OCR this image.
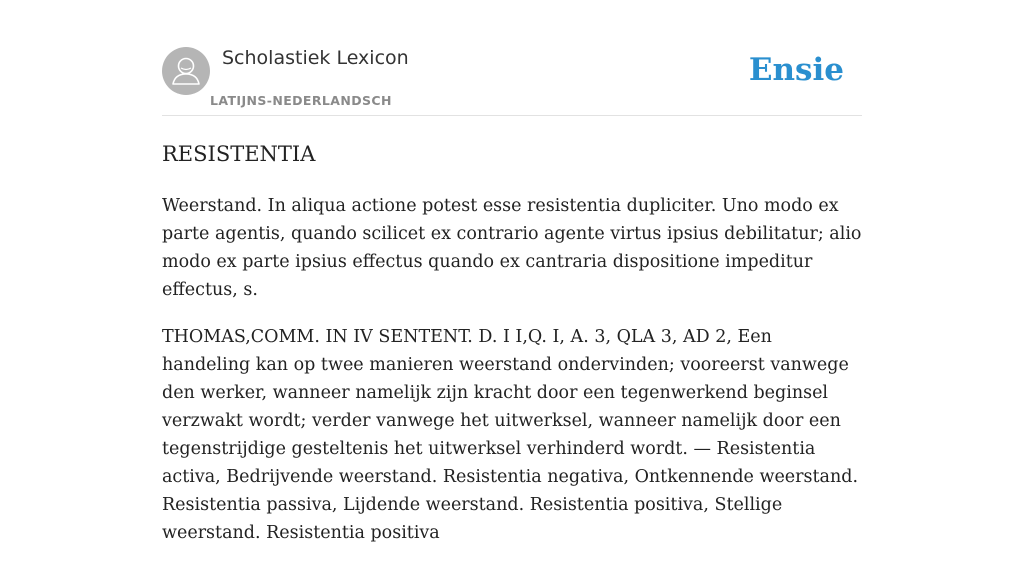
Scholastiek Lexicon
LATIJNS-NEDERLANDSCH
Ensie
RESISTENTIA

Weerstand. In aliqua actione potest esse resistentia dupliciter. Uno modo ex parte agentis, quando scilicet ex contrario agente virtus ipsius debilitatur; alio modo ex parte ipsius effectus quando ex cantraria dispositione impeditur effectus, s.

THOMAS,COMM. IN IV SENTENT. D. I I,Q. I, A. 3, QLA 3, AD 2, Een handeling kan op twee manieren weerstand ondervinden; vooreerst vanwege den werker, wanneer namelijk zijn kracht door een tegenwerkend beginsel verzwakt wordt; verder vanwege het uitwerksel, wanneer namelijk door een tegenstrijdige gesteltenis het uitwerksel verhinderd wordt. — Resistentia activa, Bedrijvende weerstand. Resistentia negativa, Ontkennende weerstand. Resistentia passiva, Lijdende weerstand. Resistentia positiva, Stellige weerstand. Resistentia positiva
